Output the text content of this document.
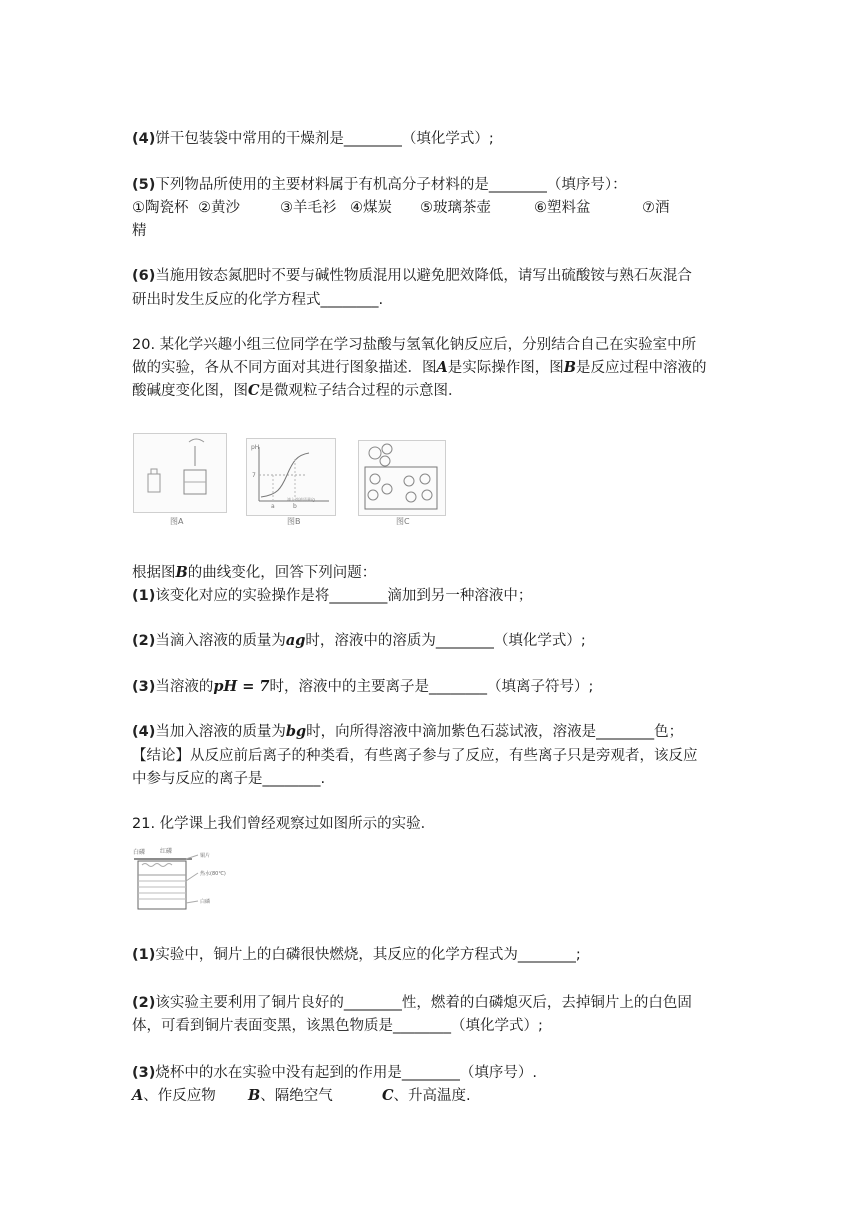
(4)饼干包装袋中常用的干燥剂是________（填化学式）;
(5)下列物品所使用的主要材料属于有机高分子材料的是________（填序号）：
①陶瓷杯 ②黄沙	③羊毛衫 ④煤炭 ⑤玻璃茶壶	⑥塑料盆	⑦酒
精
(6)当施用铵态氮肥时不要与碱性物质混用以避免肥效降低，请写出硫酸铵与熟石灰混合
研出时发生反应的化学方程式________.
20. 某化学兴趣小组三位同学在学习盐酸与氢氧化钠反应后，分别结合自己在实验室中所
做的实验，各从不同方面对其进行图象描述．图A是实际操作图，图B是反应过程中溶液的
酸碱度变化图，图C是微观粒子结合过程的示意图．
图A
pH
7
a	b
滴入溶液质量/g
图B	图C
根据图B的曲线变化，回答下列问题：
(1)该变化对应的实验操作是将________滴加到另一种溶液中；
(2)当滴入溶液的质量为ag时，溶液中的溶质为________（填化学式）;
(3)当溶液的pH = 7时，溶液中的主要离子是________（填离子符号）;
(4)当加入溶液的质量为bg时，向所得溶液中滴加紫色石蕊试液，溶液是________色；
【结论】从反应前后离子的种类看，有些离子参与了反应，有些离子只是旁观者，该反应
中参与反应的离子是________.
21. 化学课上我们曾经观察过如图所示的实验．
白磷 红磷
铜片
热水(80℃)
白磷
(1)实验中，铜片上的白磷很快燃烧，其反应的化学方程式为________;
(2)该实验主要利用了铜片良好的________性，燃着的白磷熄灭后，去掉铜片上的白色固
体，可看到铜片表面变黑，该黑色物质是________（填化学式）;
(3)烧杯中的水在实验中没有起到的作用是________（填序号）.
A、作反应物 B、隔绝空气	C、升高温度.
